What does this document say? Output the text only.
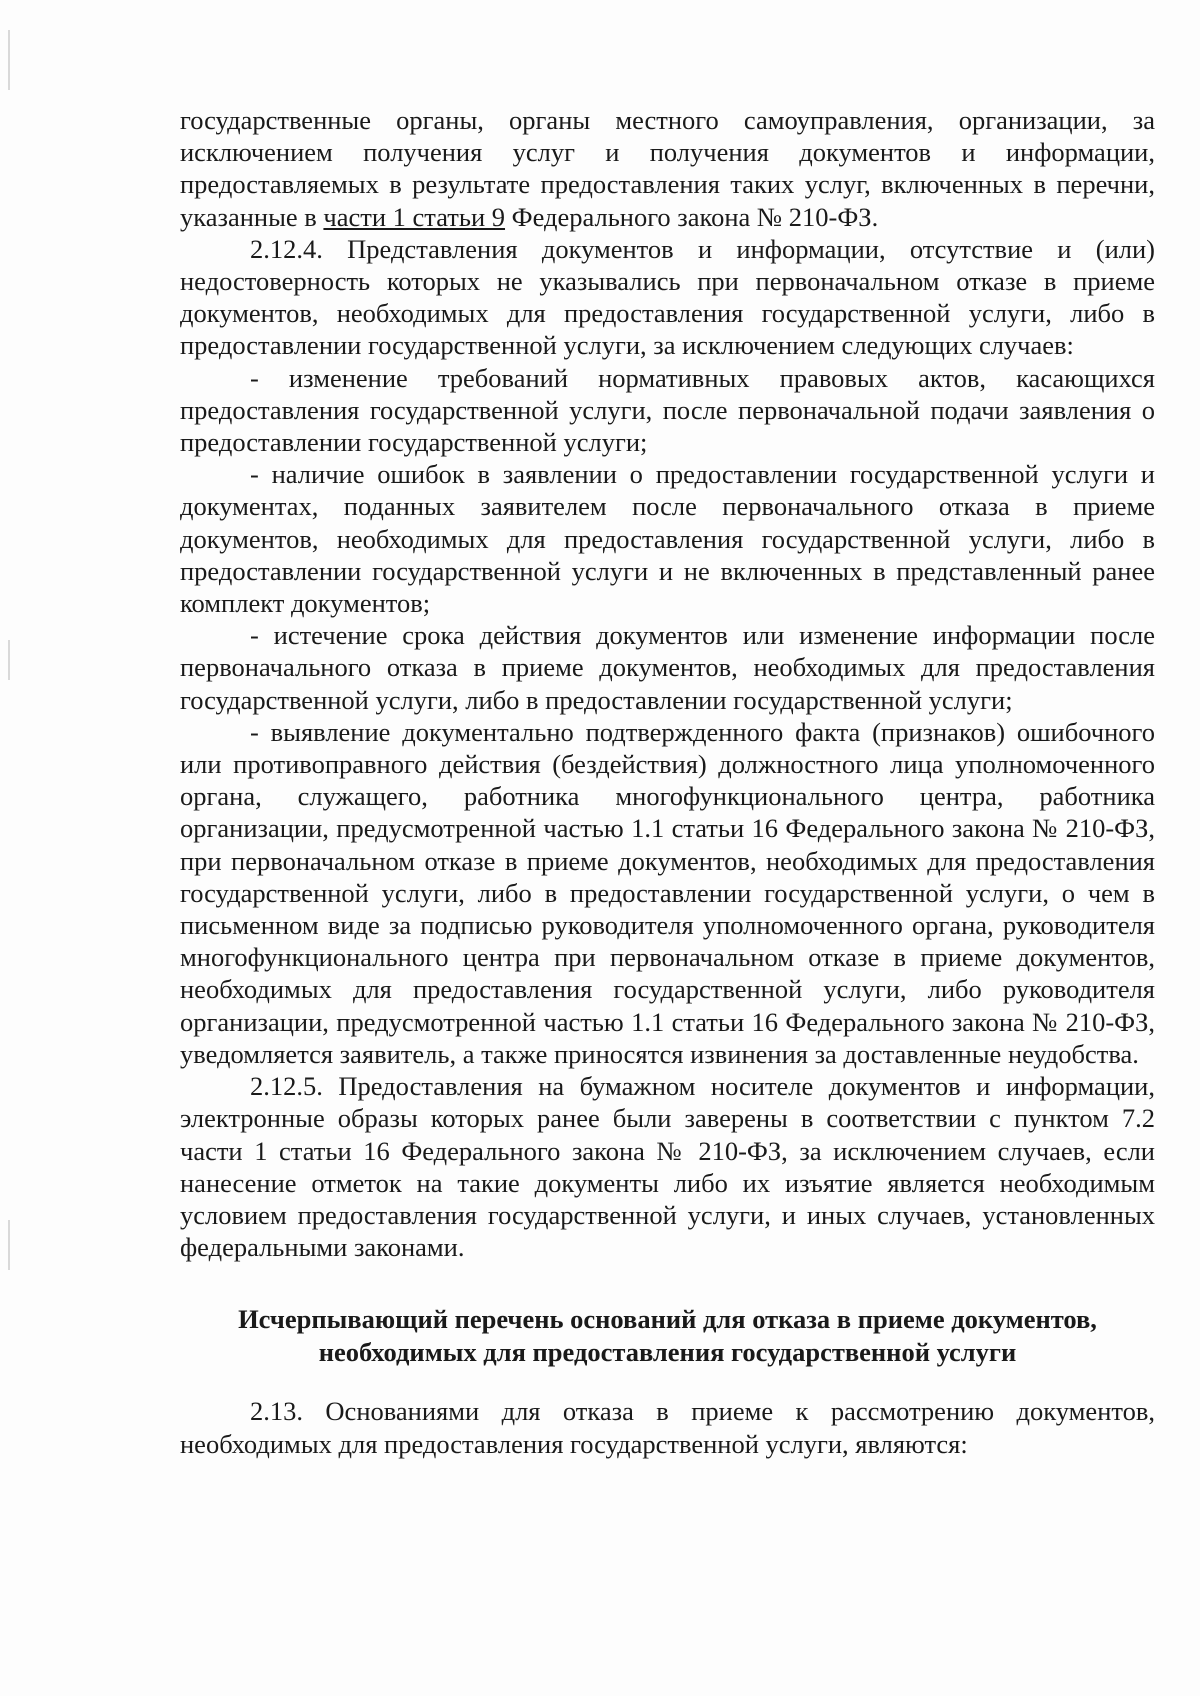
государственные органы, органы местного самоуправления, организации, за исключением получения услуг и получения документов и информации, предоставляемых в результате предоставления таких услуг, включенных в перечни, указанные в части 1 статьи 9 Федерального закона № 210-ФЗ.

2.12.4. Представления документов и информации, отсутствие и (или) недостоверность которых не указывались при первоначальном отказе в приеме документов, необходимых для предоставления государственной услуги, либо в предоставлении государственной услуги, за исключением следующих случаев:

- изменение требований нормативных правовых актов, касающихся предоставления государственной услуги, после первоначальной подачи заявления о предоставлении государственной услуги;

- наличие ошибок в заявлении о предоставлении государственной услуги и документах, поданных заявителем после первоначального отказа в приеме документов, необходимых для предоставления государственной услуги, либо в предоставлении государственной услуги и не включенных в представленный ранее комплект документов;

- истечение срока действия документов или изменение информации после первоначального отказа в приеме документов, необходимых для предоставления государственной услуги, либо в предоставлении государственной услуги;

- выявление документально подтвержденного факта (признаков) ошибочного или противоправного действия (бездействия) должностного лица уполномоченного органа, служащего, работника многофункционального центра, работника организации, предусмотренной частью 1.1 статьи 16 Федерального закона № 210-ФЗ, при первоначальном отказе в приеме документов, необходимых для предоставления государственной услуги, либо в предоставлении государственной услуги, о чем в письменном виде за подписью руководителя уполномоченного органа, руководителя многофункционального центра при первоначальном отказе в приеме документов, необходимых для предоставления государственной услуги, либо руководителя организации, предусмотренной частью 1.1 статьи 16 Федерального закона № 210-ФЗ, уведомляется заявитель, а также приносятся извинения за доставленные неудобства.

2.12.5. Предоставления на бумажном носителе документов и информации, электронные образы которых ранее были заверены в соответствии с пунктом 7.2 части 1 статьи 16 Федерального закона № 210-ФЗ, за исключением случаев, если нанесение отметок на такие документы либо их изъятие является необходимым условием предоставления государственной услуги, и иных случаев, установленных федеральными законами.

Исчерпывающий перечень оснований для отказа в приеме документов,
необходимых для предоставления государственной услуги

2.13. Основаниями для отказа в приеме к рассмотрению документов, необходимых для предоставления государственной услуги, являются:
